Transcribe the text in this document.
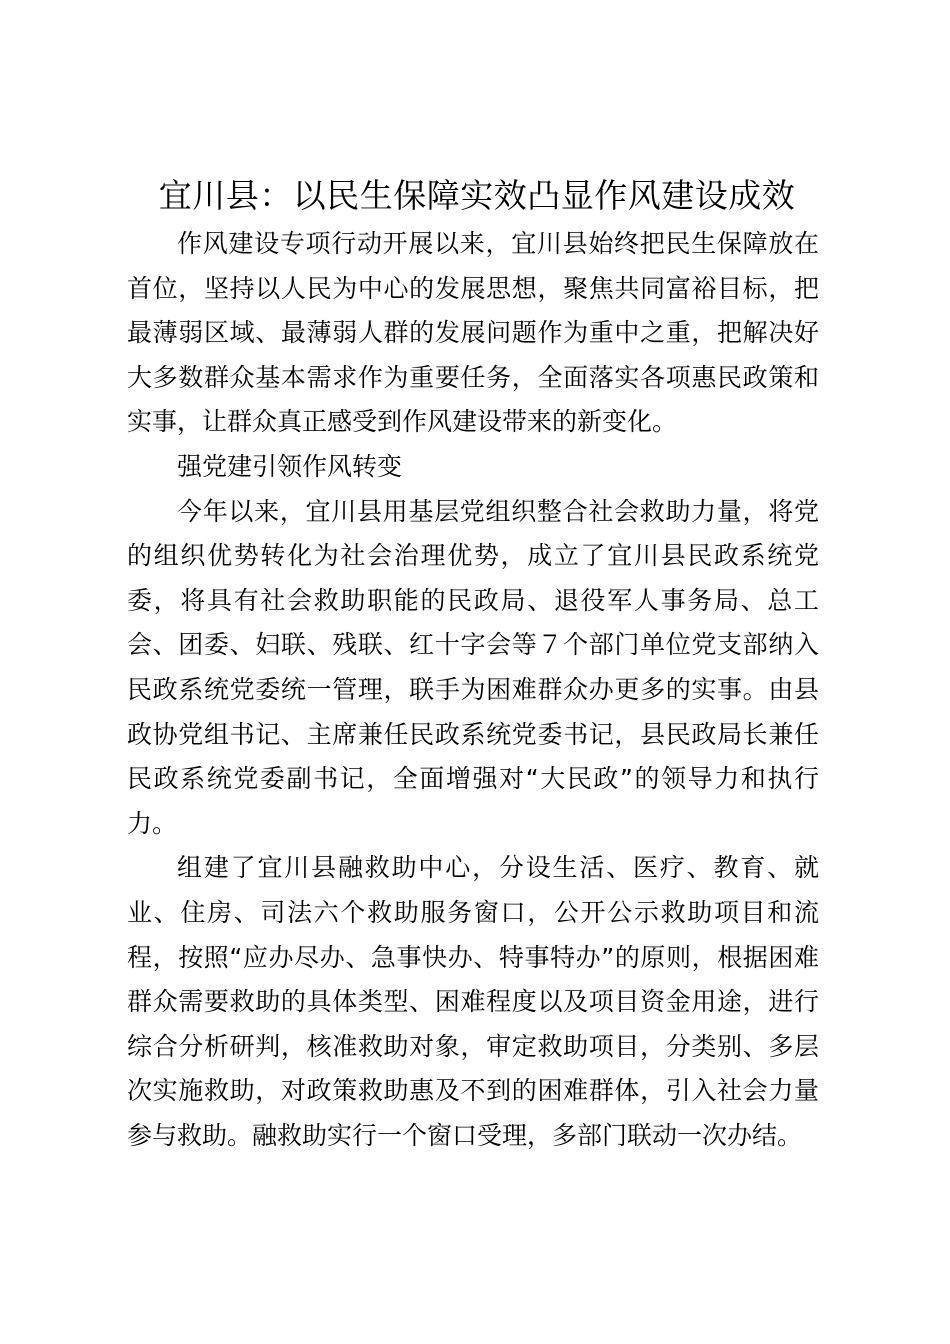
宜川县：以民生保障实效凸显作风建设成效

作风建设专项行动开展以来，宜川县始终把民生保障放在首位，坚持以人民为中心的发展思想，聚焦共同富裕目标，把最薄弱区域、最薄弱人群的发展问题作为重中之重，把解决好大多数群众基本需求作为重要任务，全面落实各项惠民政策和实事，让群众真正感受到作风建设带来的新变化。

强党建引领作风转变

今年以来，宜川县用基层党组织整合社会救助力量，将党的组织优势转化为社会治理优势，成立了宜川县民政系统党委，将具有社会救助职能的民政局、退役军人事务局、总工会、团委、妇联、残联、红十字会等７个部门单位党支部纳入民政系统党委统一管理，联手为困难群众办更多的实事。由县政协党组书记、主席兼任民政系统党委书记，县民政局长兼任民政系统党委副书记，全面增强对“大民政”的领导力和执行力。

组建了宜川县融救助中心，分设生活、医疗、教育、就业、住房、司法六个救助服务窗口，公开公示救助项目和流程，按照“应办尽办、急事快办、特事特办”的原则，根据困难群众需要救助的具体类型、困难程度以及项目资金用途，进行综合分析研判，核准救助对象，审定救助项目，分类别、多层次实施救助，对政策救助惠及不到的困难群体，引入社会力量参与救助。融救助实行一个窗口受理，多部门联动一次办结。
